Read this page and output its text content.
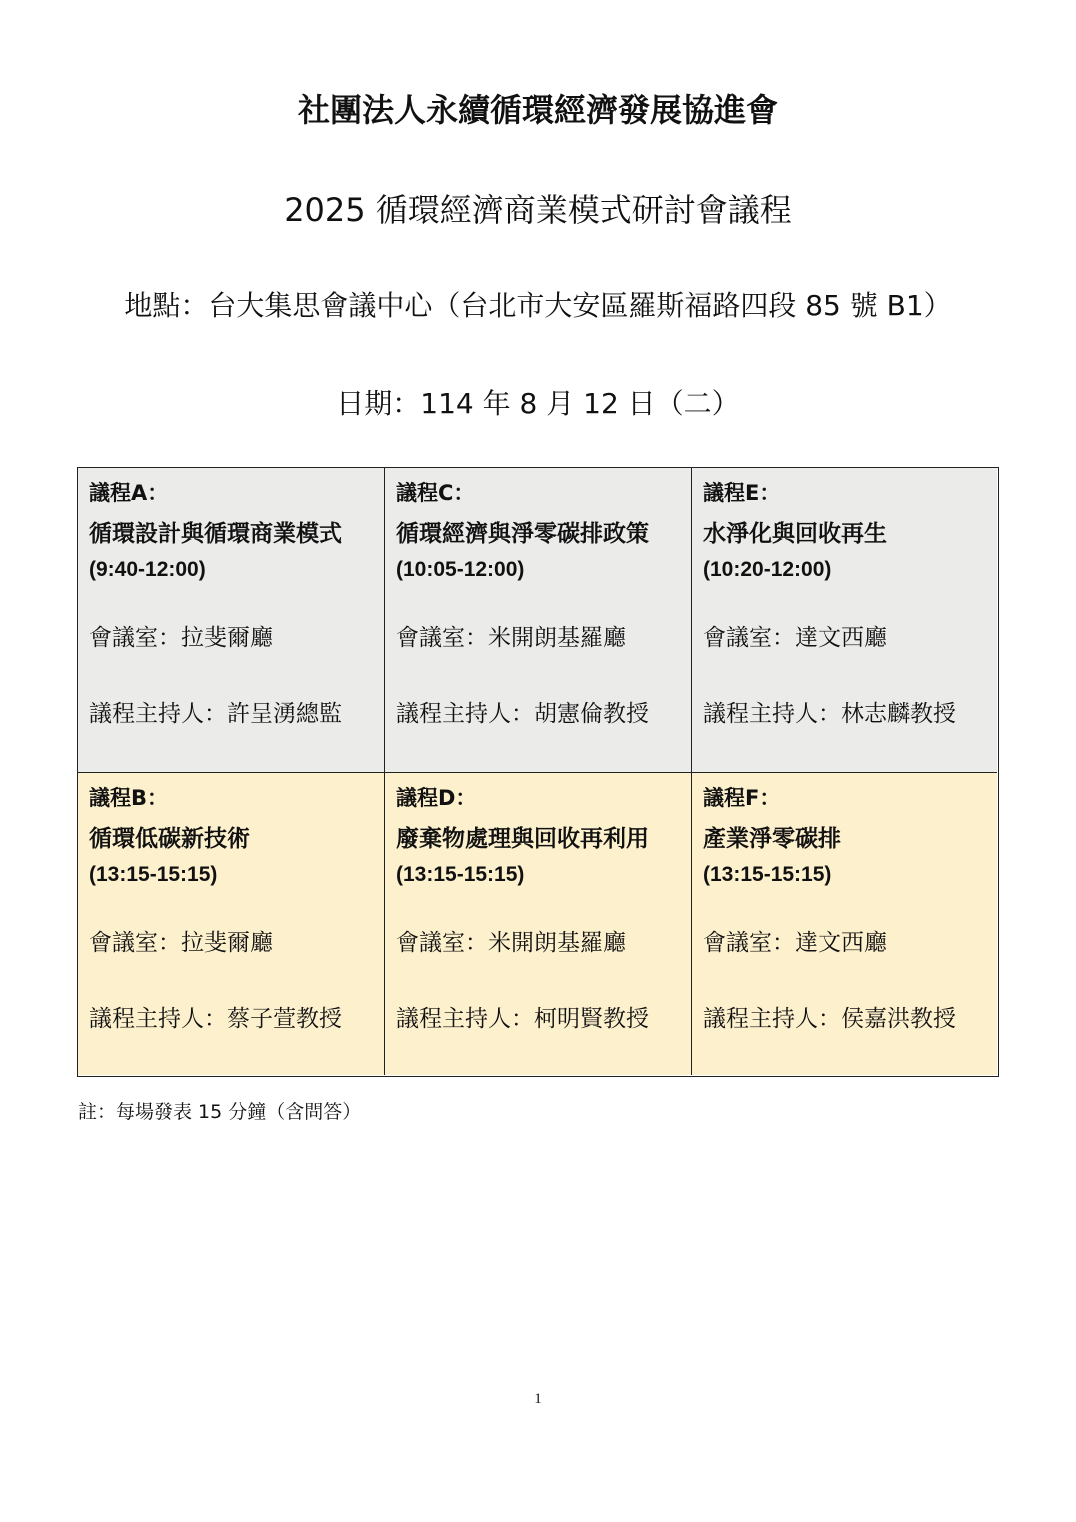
社團法人永續循環經濟發展協進會
2025 循環經濟商業模式研討會議程
地點：台大集思會議中心（台北市大安區羅斯福路四段 85 號 B1）
日期：114 年 8 月 12 日（二）
議程A：
循環設計與循環商業模式
(9:40-12:00)
會議室：拉斐爾廳
議程主持人：許呈湧總監
議程C：
循環經濟與淨零碳排政策
(10:05-12:00)
會議室：米開朗基羅廳
議程主持人：胡憲倫教授
議程E：
水淨化與回收再生
(10:20-12:00)
會議室：達文西廳
議程主持人：林志麟教授
議程B：
循環低碳新技術
(13:15-15:15)
會議室：拉斐爾廳
議程主持人：蔡子萱教授
議程D：
廢棄物處理與回收再利用
(13:15-15:15)
會議室：米開朗基羅廳
議程主持人：柯明賢教授
議程F：
產業淨零碳排
(13:15-15:15)
會議室：達文西廳
議程主持人：侯嘉洪教授
註：每場發表 15 分鐘（含問答）
1
